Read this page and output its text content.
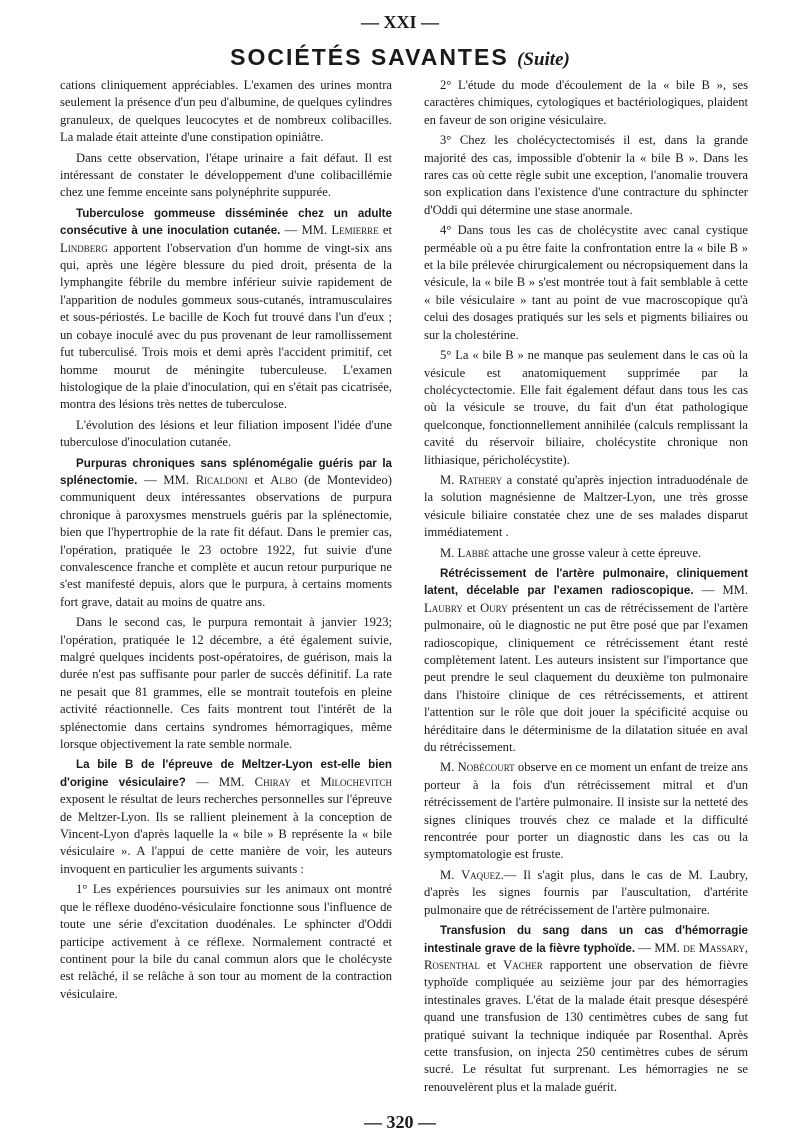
— XXI —
SOCIÉTÉS SAVANTES (Suite)

cations cliniquement appréciables. L'examen des urines montra seulement la présence d'un peu d'albumine, de quelques cylindres granuleux, de quelques leucocytes et de nombreux colibacilles. La malade était atteinte d'une constipation opiniâtre.

Dans cette observation, l'étape urinaire a fait défaut. Il est intéressant de constater le développement d'une colibacillémie chez une femme enceinte sans polynéphrite suppurée.

Tuberculose gommeuse disséminée chez un adulte consécutive à une inoculation cutanée. — MM. Lemierre et Lindberg apportent l'observation d'un homme de vingt-six ans qui, après une légère blessure du pied droit, présenta de la lymphangite fébrile du membre inférieur suivie rapidement de l'apparition de nodules gommeux sous-cutanés, intramusculaires et sous-périostés. Le bacille de Koch fut trouvé dans l'un d'eux ; un cobaye inoculé avec du pus provenant de leur ramollissement fut tuberculisé. Trois mois et demi après l'accident primitif, cet homme mourut de méningite tuberculeuse. L'examen histologique de la plaie d'inoculation, qui en s'était pas cicatrisée, montra des lésions très nettes de tuberculose.

L'évolution des lésions et leur filiation imposent l'idée d'une tuberculose d'inoculation cutanée.

Purpuras chroniques sans splénomégalie guéris par la splénectomie. — MM. Ricaldoni et Albo (de Montevideo) communiquent deux intéressantes observations de purpura chronique à paroxysmes menstruels guéris par la splénectomie, bien que l'hypertrophie de la rate fit défaut. Dans le premier cas, l'opération, pratiquée le 23 octobre 1922, fut suivie d'une convalescence franche et complète et aucun retour purpurique ne s'est manifesté depuis, alors que le purpura, à certains moments fort grave, datait au moins de quatre ans.

Dans le second cas, le purpura remontait à janvier 1923; l'opération, pratiquée le 12 décembre, a été également suivie, malgré quelques incidents post-opératoires, de guérison, mais la durée n'est pas suffisante pour parler de succès définitif. La rate ne pesait que 81 grammes, elle se montrait toutefois en pleine activité réactionnelle. Ces faits montrent tout l'intérêt de la splénectomie dans certains syndromes hémorragiques, même lorsque objectivement la rate semble normale.

La bile B de l'épreuve de Meltzer-Lyon est-elle bien d'origine vésiculaire? — MM. Chiray et Milochevitch exposent le résultat de leurs recherches personnelles sur l'épreuve de Meltzer-Lyon. Ils se rallient pleinement à la conception de Vincent-Lyon d'après laquelle la « bile » B représente la « bile vésiculaire ». A l'appui de cette manière de voir, les auteurs invoquent en particulier les arguments suivants :

1° Les expériences poursuivies sur les animaux ont montré que le réflexe duodéno-vésiculaire fonctionne sous l'influence de toute une série d'excitation duodénales. Le sphincter d'Oddi participe activement à ce réflexe. Normalement contracté et continent pour la bile du canal commun alors que le cholécyste est relâché, il se relâche à son tour au moment de la contraction vésiculaire.

2° L'étude du mode d'écoulement de la « bile B », ses caractères chimiques, cytologiques et bactériologiques, plaident en faveur de son origine vésiculaire.

3° Chez les cholécyctectomisés il est, dans la grande majorité des cas, impossible d'obtenir la « bile B ». Dans les rares cas où cette règle subit une exception, l'anomalie trouvera son explication dans l'existence d'une contracture du sphincter d'Oddi qui détermine une stase anormale.

4° Dans tous les cas de cholécystite avec canal cystique perméable où a pu être faite la confrontation entre la « bile B » et la bile prélevée chirurgicalement ou nécropsiquement dans la vésicule, la « bile B » s'est montrée tout à fait semblable à cette « bile vésiculaire » tant au point de vue macroscopique qu'à celui des dosages pratiqués sur les sels et pigments biliaires ou sur la cholestérine.

5° La « bile B » ne manque pas seulement dans le cas où la vésicule est anatomiquement supprimée par la cholécyctectomie. Elle fait également défaut dans tous les cas où la vésicule se trouve, du fait d'un état pathologique quelconque, fonctionnellement annihilée (calculs remplissant la cavité du réservoir biliaire, cholécystite chronique non lithiasique, péricholécystite).

M. Rathery a constaté qu'après injection intraduodénale de la solution magnésienne de Maltzer-Lyon, une très grosse vésicule biliaire constatée chez une de ses malades disparut immédiatement .

M. Labbé attache une grosse valeur à cette épreuve.

Rétrécissement de l'artère pulmonaire, cliniquement latent, décelable par l'examen radioscopique. — MM. Laubry et Oury présentent un cas de rétrécissement de l'artère pulmonaire, où le diagnostic ne put être posé que par l'examen radioscopique, cliniquement ce rétrécissement étant resté complètement latent. Les auteurs insistent sur l'importance que peut prendre le seul claquement du deuxième ton pulmonaire dans l'histoire clinique de ces rétrécissements, et attirent l'attention sur le rôle que doit jouer la spécificité acquise ou héréditaire dans le déterminisme de la dilatation située en aval du rétrécissement.

M. Nobécourt observe en ce moment un enfant de treize ans porteur à la fois d'un rétrécissement mitral et d'un rétrécissement de l'artère pulmonaire. Il insiste sur la netteté des signes cliniques trouvés chez ce malade et la difficulté rencontrée pour porter un diagnostic dans les cas ou la symptomatologie est fruste.

M. Vaquez.— Il s'agit plus, dans le cas de M. Laubry, d'après les signes fournis par l'auscultation, d'artérite pulmonaire que de rétrécissement de l'artère pulmonaire.

Transfusion du sang dans un cas d'hémorragie intestinale grave de la fièvre typhoïde. — MM. de Massary, Rosenthal et Vacher rapportent une observation de fièvre typhoïde compliquée au seizième jour par des hémorragies intestinales graves. L'état de la malade était presque désespéré quand une transfusion de 130 centimètres cubes de sang fut pratiqué suivant la technique indiquée par Rosenthal. Après cette transfusion, on injecta 250 centimètres cubes de sérum sucré. Le résultat fut surprenant. Les hémorragies ne se renouvelèrent plus et la malade guérit.

— 320 —
